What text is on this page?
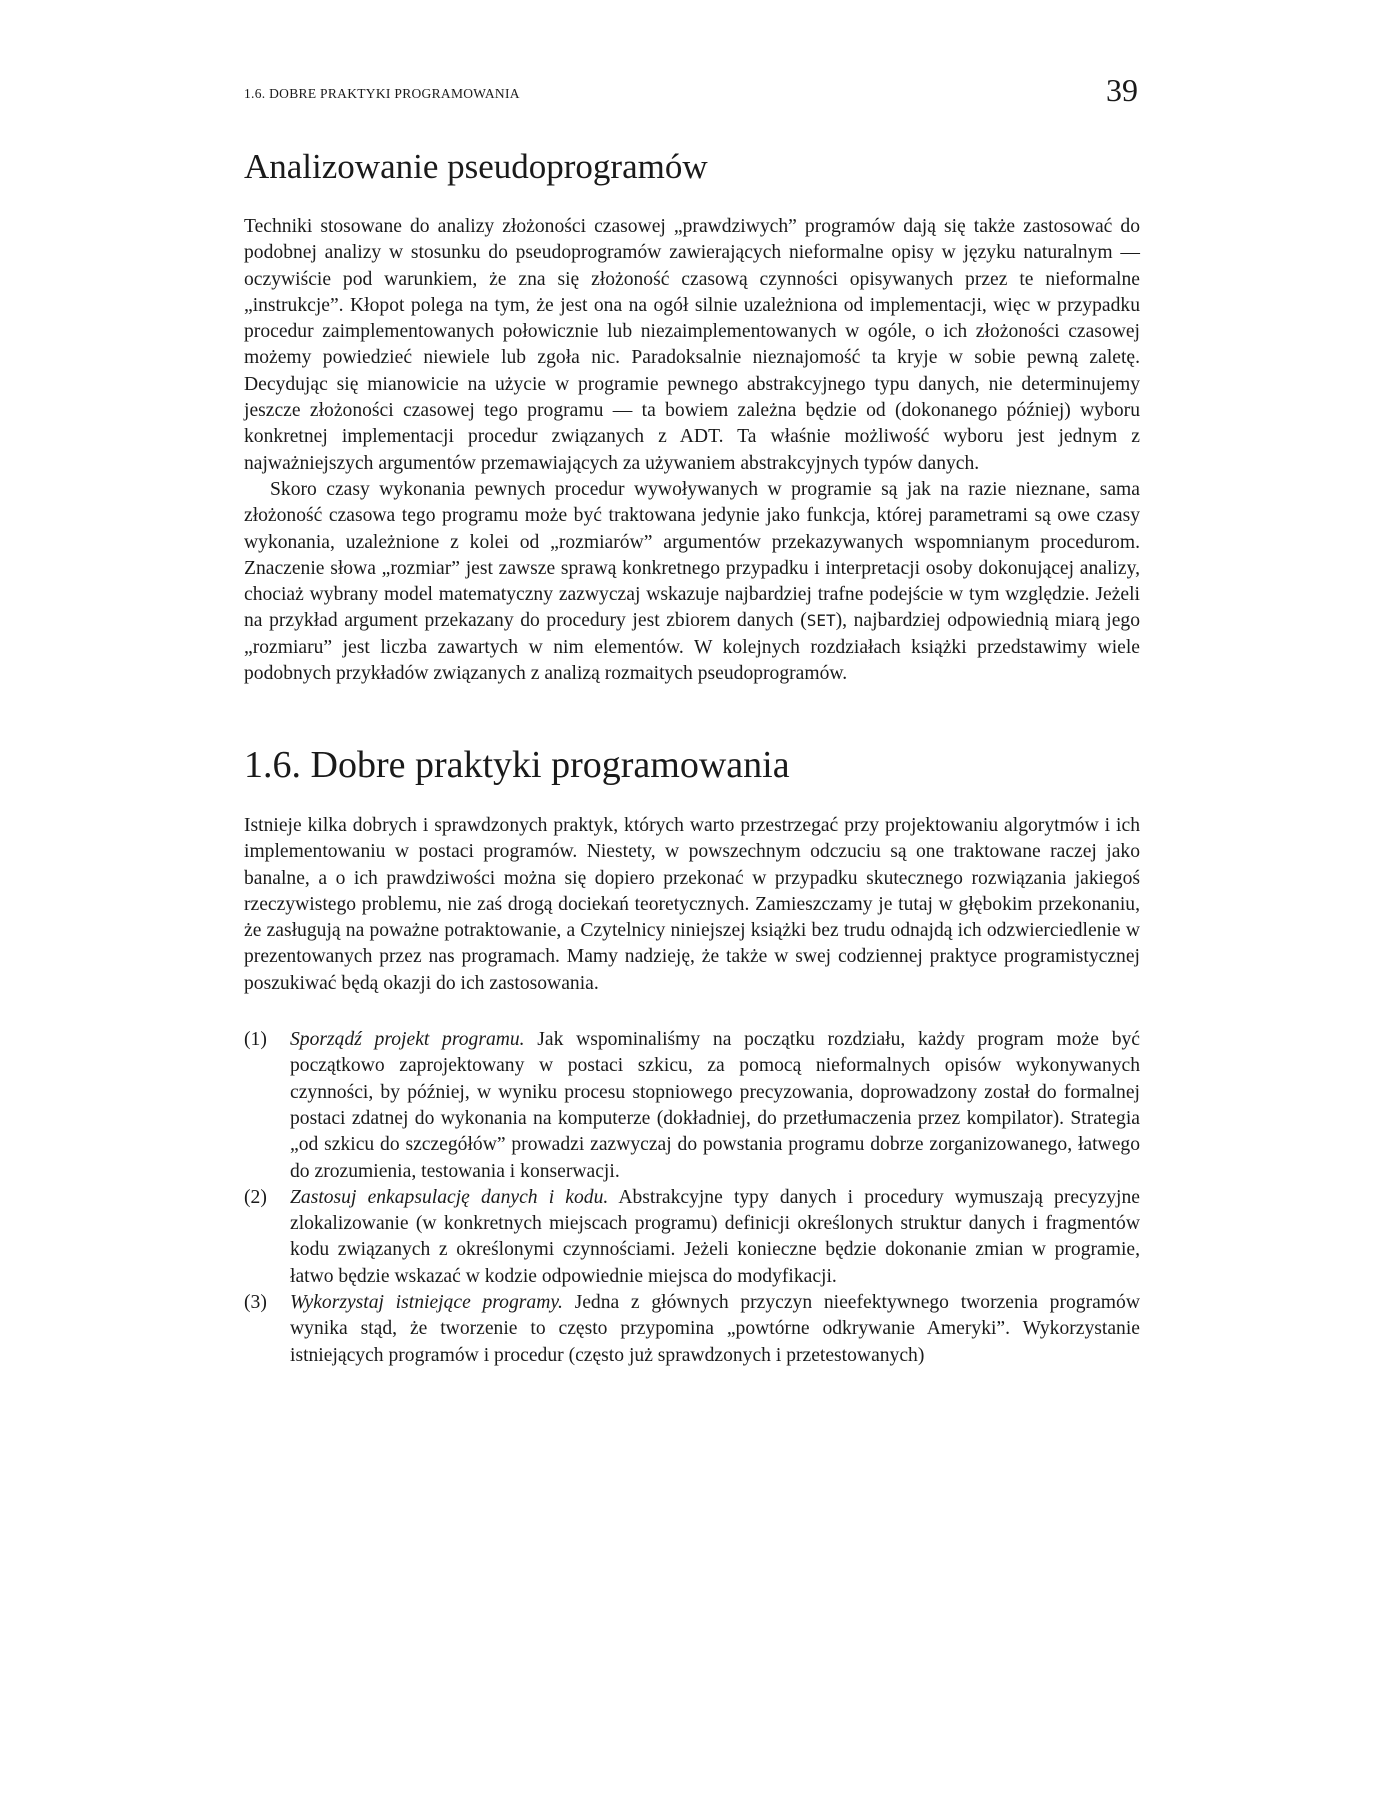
1.6. DOBRE PRAKTYKI PROGRAMOWANIA	39
Analizowanie pseudoprogramów

Techniki stosowane do analizy złożoności czasowej „prawdziwych” programów dają się także zastosować do podobnej analizy w stosunku do pseudoprogramów zawierających nieformalne opisy w języku naturalnym — oczywiście pod warunkiem, że zna się złożoność czasową czynności opisywanych przez te nieformalne „instrukcje”. Kłopot polega na tym, że jest ona na ogół silnie uzależniona od implementacji, więc w przypadku procedur zaimplementowanych połowicznie lub niezaimplementowanych w ogóle, o ich złożoności czasowej możemy powiedzieć niewiele lub zgoła nic. Paradoksalnie nieznajomość ta kryje w sobie pewną zaletę. Decydując się mianowicie na użycie w programie pewnego abstrakcyjnego typu danych, nie determinujemy jeszcze złożoności czasowej tego programu — ta bowiem zależna będzie od (dokonanego później) wyboru konkretnej implementacji procedur związanych z ADT. Ta właśnie możliwość wyboru jest jednym z najważniejszych argumentów przemawiających za używaniem abstrakcyjnych typów danych.

Skoro czasy wykonania pewnych procedur wywoływanych w programie są jak na razie nieznane, sama złożoność czasowa tego programu może być traktowana jedynie jako funkcja, której parametrami są owe czasy wykonania, uzależnione z kolei od „rozmiarów” argumentów przekazywanych wspomnianym procedurom. Znaczenie słowa „rozmiar” jest zawsze sprawą konkretnego przypadku i interpretacji osoby dokonującej analizy, chociaż wybrany model matematyczny zazwyczaj wskazuje najbardziej trafne podejście w tym względzie. Jeżeli na przykład argument przekazany do procedury jest zbiorem danych (SET), najbardziej odpowiednią miarą jego „rozmiaru” jest liczba zawartych w nim elementów. W kolejnych rozdziałach książki przedstawimy wiele podobnych przykładów związanych z analizą rozmaitych pseudoprogramów.

1.6. Dobre praktyki programowania

Istnieje kilka dobrych i sprawdzonych praktyk, których warto przestrzegać przy projektowaniu algorytmów i ich implementowaniu w postaci programów. Niestety, w powszechnym odczuciu są one traktowane raczej jako banalne, a o ich prawdziwości można się dopiero przekonać w przypadku skutecznego rozwiązania jakiegoś rzeczywistego problemu, nie zaś drogą dociekań teoretycznych. Zamieszczamy je tutaj w głębokim przekonaniu, że zasługują na poważne potraktowanie, a Czytelnicy niniejszej książki bez trudu odnajdą ich odzwierciedlenie w prezentowanych przez nas programach. Mamy nadzieję, że także w swej codziennej praktyce programistycznej poszukiwać będą okazji do ich zastosowania.

(1) Sporządź projekt programu. Jak wspominaliśmy na początku rozdziału, każdy program może być początkowo zaprojektowany w postaci szkicu, za pomocą nieformalnych opisów wykonywanych czynności, by później, w wyniku procesu stopniowego precyzowania, doprowadzony został do formalnej postaci zdatnej do wykonania na komputerze (dokładniej, do przetłumaczenia przez kompilator). Strategia „od szkicu do szczegółów” prowadzi zazwyczaj do powstania programu dobrze zorganizowanego, łatwego do zrozumienia, testowania i konserwacji.
(2) Zastosuj enkapsulację danych i kodu. Abstrakcyjne typy danych i procedury wymuszają precyzyjne zlokalizowanie (w konkretnych miejscach programu) definicji określonych struktur danych i fragmentów kodu związanych z określonymi czynnościami. Jeżeli konieczne będzie dokonanie zmian w programie, łatwo będzie wskazać w kodzie odpowiednie miejsca do modyfikacji.
(3) Wykorzystaj istniejące programy. Jedna z głównych przyczyn nieefektywnego tworzenia programów wynika stąd, że tworzenie to często przypomina „powtórne odkrywanie Ameryki”. Wykorzystanie istniejących programów i procedur (często już sprawdzonych i przetestowanych)
